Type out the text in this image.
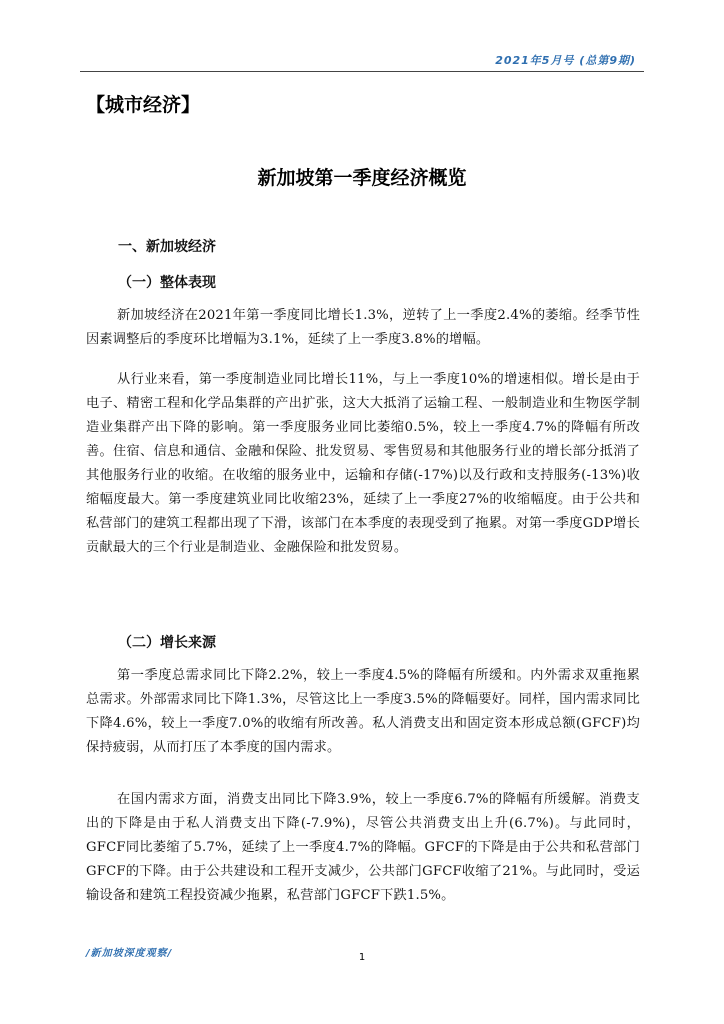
2021年5月号 (总第9期)
【城市经济】
新加坡第一季度经济概览
一、新加坡经济
（一）整体表现
新加坡经济在2021年第一季度同比增长1.3%，逆转了上一季度2.4%的萎缩。经季节性因素调整后的季度环比增幅为3.1%，延续了上一季度3.8%的增幅。
从行业来看，第一季度制造业同比增长11%，与上一季度10%的增速相似。增长是由于电子、精密工程和化学品集群的产出扩张，这大大抵消了运输工程、一般制造业和生物医学制造业集群产出下降的影响。第一季度服务业同比萎缩0.5%，较上一季度4.7%的降幅有所改善。住宿、信息和通信、金融和保险、批发贸易、零售贸易和其他服务行业的增长部分抵消了其他服务行业的收缩。在收缩的服务业中，运输和存储(-17%)以及行政和支持服务(-13%)收缩幅度最大。第一季度建筑业同比收缩23%，延续了上一季度27%的收缩幅度。由于公共和私营部门的建筑工程都出现了下滑，该部门在本季度的表现受到了拖累。对第一季度GDP增长贡献最大的三个行业是制造业、金融保险和批发贸易。
（二）增长来源
第一季度总需求同比下降2.2%，较上一季度4.5%的降幅有所缓和。内外需求双重拖累总需求。外部需求同比下降1.3%，尽管这比上一季度3.5%的降幅要好。同样，国内需求同比下降4.6%，较上一季度7.0%的收缩有所改善。私人消费支出和固定资本形成总额(GFCF)均保持疲弱，从而打压了本季度的国内需求。
在国内需求方面，消费支出同比下降3.9%，较上一季度6.7%的降幅有所缓解。消费支出的下降是由于私人消费支出下降(-7.9%)，尽管公共消费支出上升(6.7%)。与此同时，GFCF同比萎缩了5.7%，延续了上一季度4.7%的降幅。GFCF的下降是由于公共和私营部门GFCF的下降。由于公共建设和工程开支减少，公共部门GFCF收缩了21%。与此同时，受运输设备和建筑工程投资减少拖累，私营部门GFCF下跌1.5%。
/新加坡深度观察/	1
